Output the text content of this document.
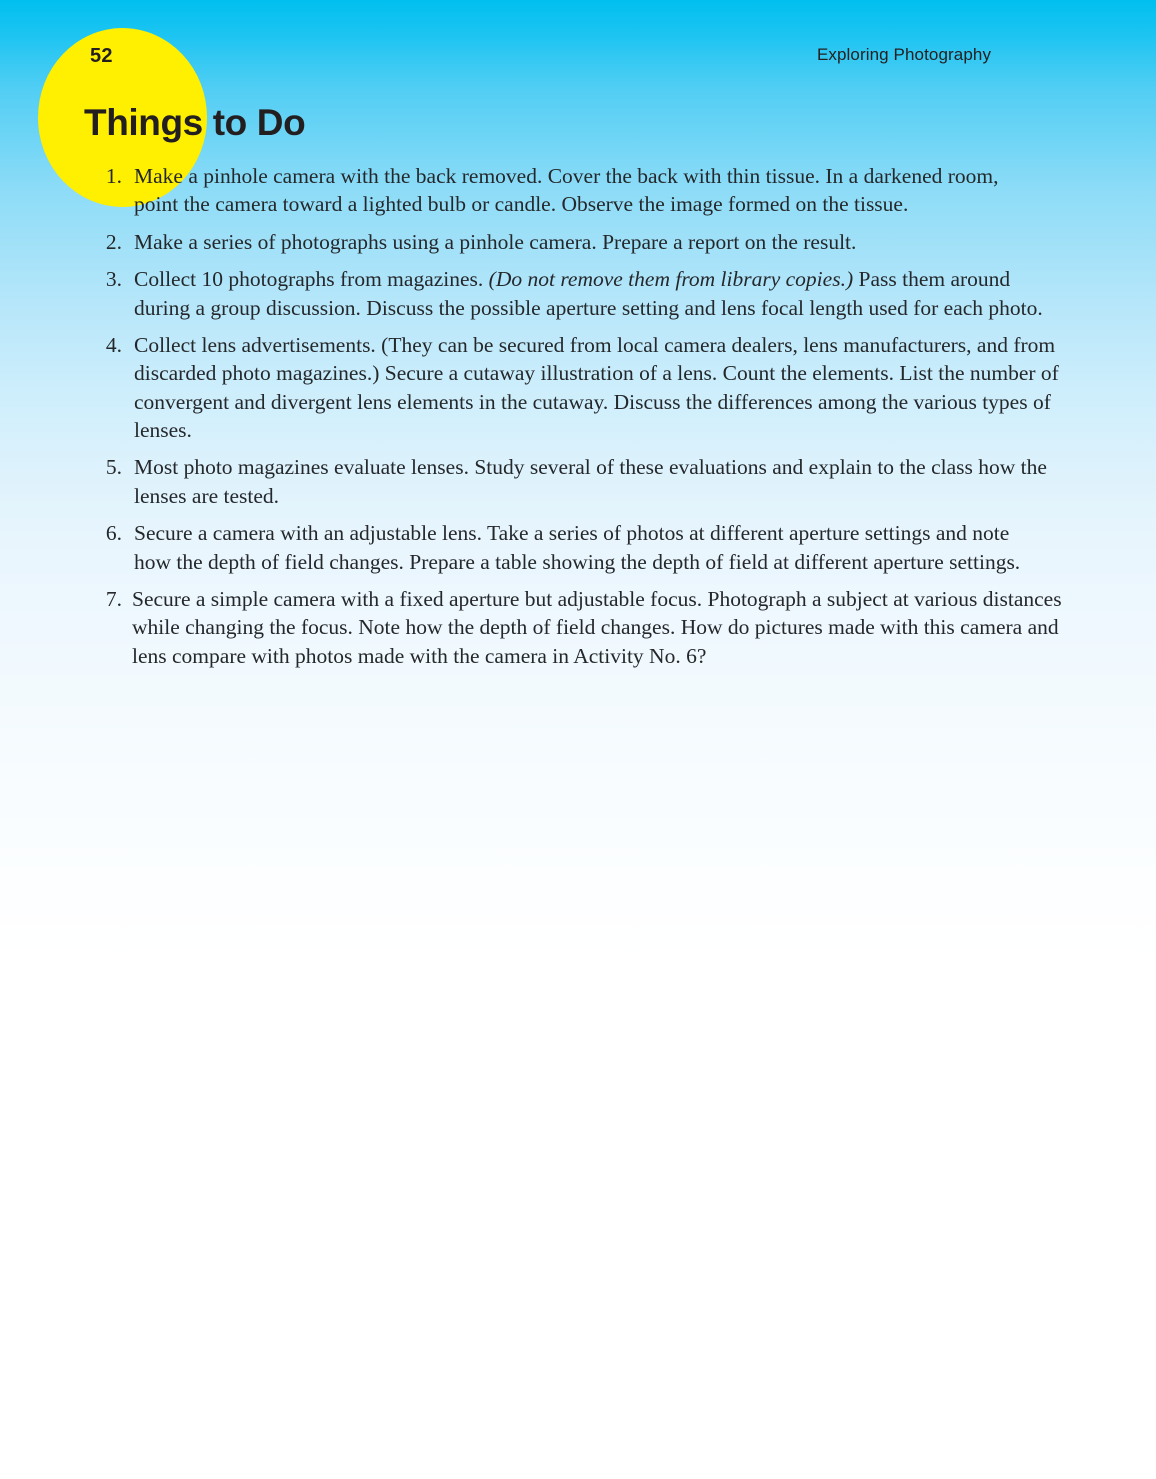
Exploring Photography
52
Things to Do
1. Make a pinhole camera with the back removed. Cover the back with thin tissue. In a darkened room, point the camera toward a lighted bulb or candle. Observe the image formed on the tissue.
2. Make a series of photographs using a pinhole camera. Prepare a report on the result.
3. Collect 10 photographs from magazines. (Do not remove them from library copies.) Pass them around during a group discussion. Discuss the possible aperture setting and lens focal length used for each photo.
4. Collect lens advertisements. (They can be secured from local camera dealers, lens manufacturers, and from discarded photo magazines.) Secure a cutaway illustration of a lens. Count the elements. List the number of convergent and divergent lens elements in the cutaway. Discuss the differences among the various types of lenses.
5. Most photo magazines evaluate lenses. Study several of these evaluations and explain to the class how the lenses are tested.
6. Secure a camera with an adjustable lens. Take a series of photos at different aperture settings and note how the depth of field changes. Prepare a table showing the depth of field at different aperture settings.
7. Secure a simple camera with a fixed aperture but adjustable focus. Photograph a subject at various distances while changing the focus. Note how the depth of field changes. How do pictures made with this camera and lens compare with photos made with the camera in Activity No. 6?
